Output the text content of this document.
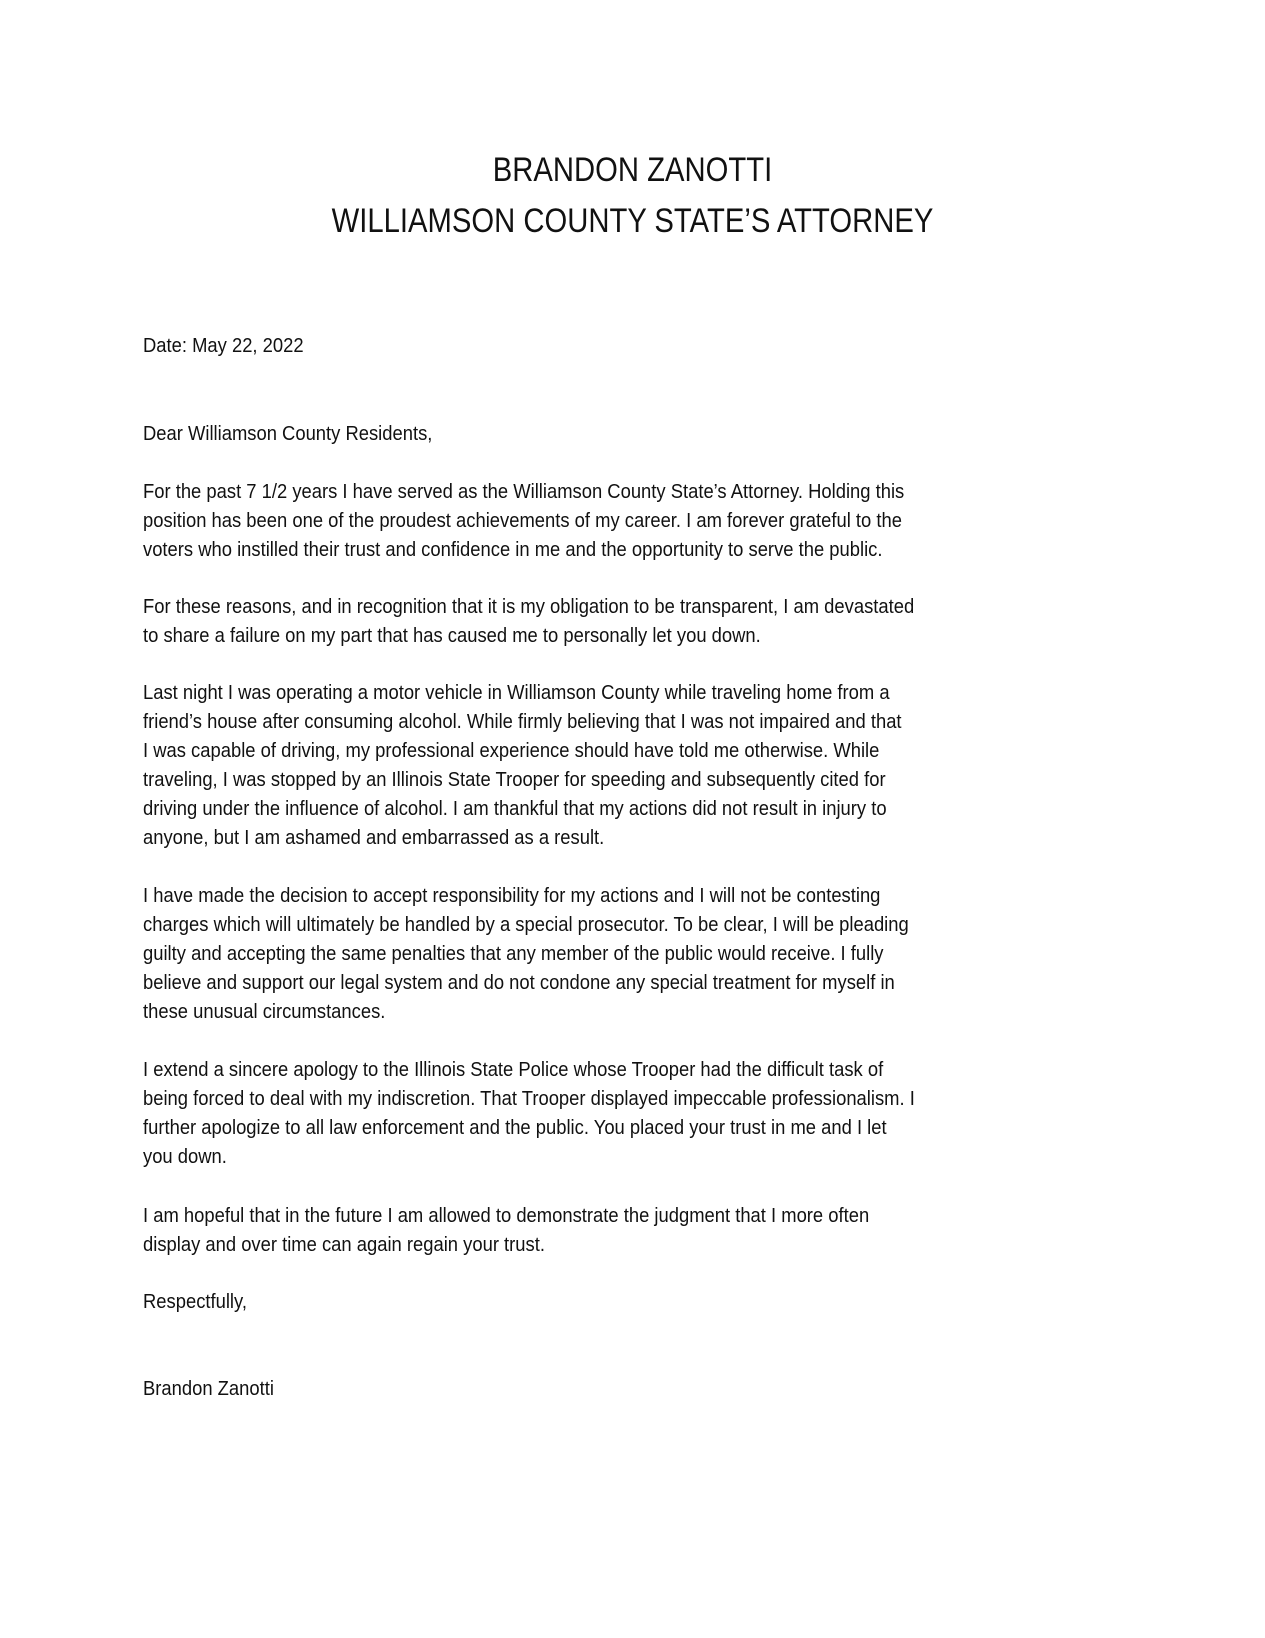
BRANDON ZANOTTI
WILLIAMSON COUNTY STATE’S ATTORNEY
Date: May 22, 2022
Dear Williamson County Residents,
For the past 7 1/2 years I have served as the Williamson County State’s Attorney. Holding this
position has been one of the proudest achievements of my career. I am forever grateful to the
voters who instilled their trust and confidence in me and the opportunity to serve the public.
For these reasons, and in recognition that it is my obligation to be transparent, I am devastated
to share a failure on my part that has caused me to personally let you down.
Last night I was operating a motor vehicle in Williamson County while traveling home from a
friend’s house after consuming alcohol. While firmly believing that I was not impaired and that
I was capable of driving, my professional experience should have told me otherwise. While
traveling, I was stopped by an Illinois State Trooper for speeding and subsequently cited for
driving under the influence of alcohol. I am thankful that my actions did not result in injury to
anyone, but I am ashamed and embarrassed as a result.
I have made the decision to accept responsibility for my actions and I will not be contesting
charges which will ultimately be handled by a special prosecutor. To be clear, I will be pleading
guilty and accepting the same penalties that any member of the public would receive. I fully
believe and support our legal system and do not condone any special treatment for myself in
these unusual circumstances.
I extend a sincere apology to the Illinois State Police whose Trooper had the difficult task of
being forced to deal with my indiscretion. That Trooper displayed impeccable professionalism. I
further apologize to all law enforcement and the public. You placed your trust in me and I let
you down.
I am hopeful that in the future I am allowed to demonstrate the judgment that I more often
display and over time can again regain your trust.
Respectfully,
Brandon Zanotti
